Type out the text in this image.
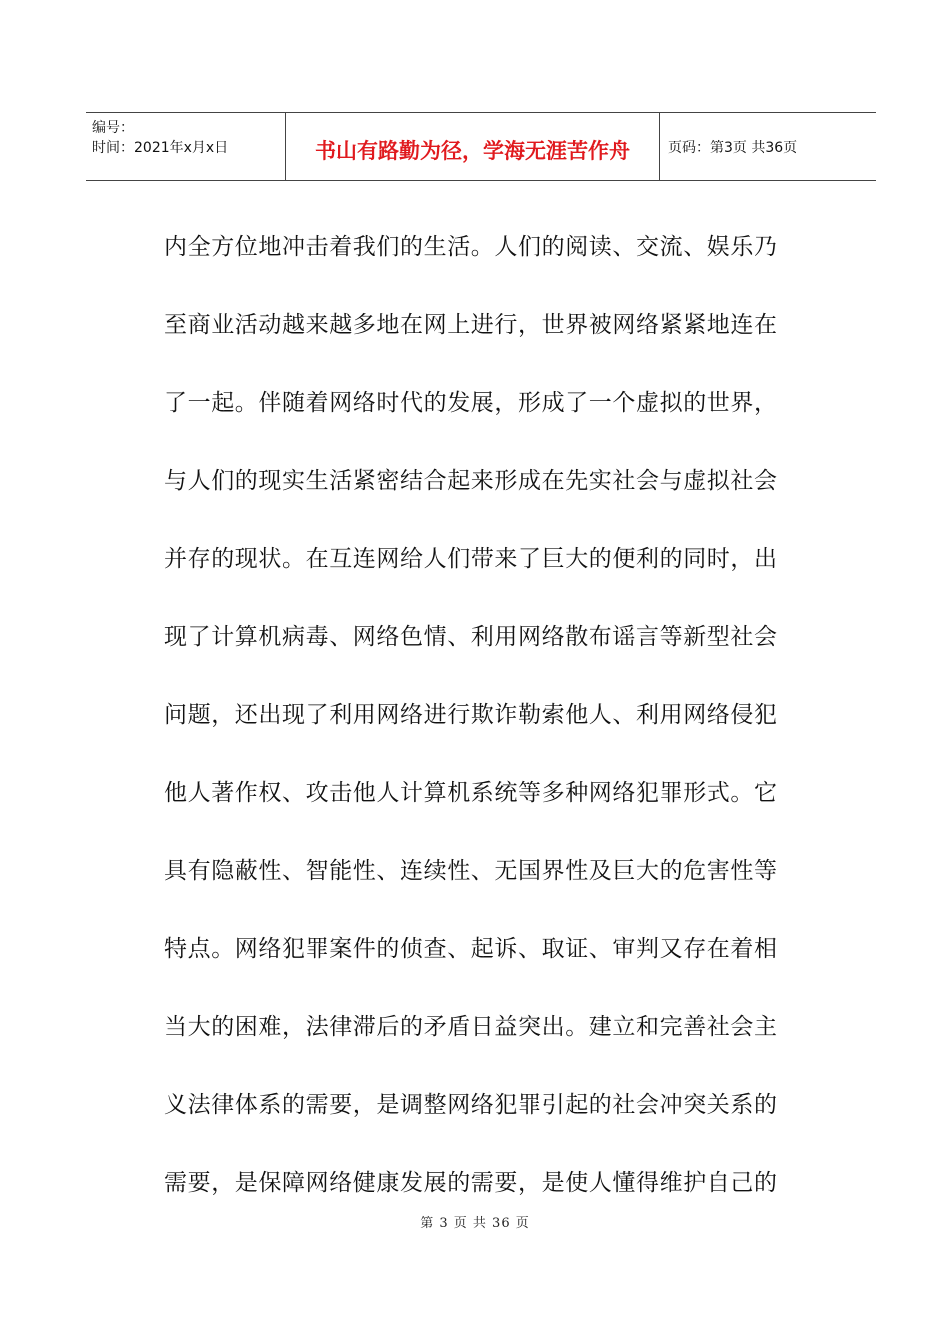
编号：
时间：2021年x月x日	书山有路勤为径，学海无涯苦作舟	页码：第3页 共36页
内全方位地冲击着我们的生活。人们的阅读、交流、娱乐乃
至商业活动越来越多地在网上进行，世界被网络紧紧地连在
了一起。伴随着网络时代的发展，形成了一个虚拟的世界，
与人们的现实生活紧密结合起来形成在先实社会与虚拟社会
并存的现状。在互连网给人们带来了巨大的便利的同时，出
现了计算机病毒、网络色情、利用网络散布谣言等新型社会
问题，还出现了利用网络进行欺诈勒索他人、利用网络侵犯
他人著作权、攻击他人计算机系统等多种网络犯罪形式。它
具有隐蔽性、智能性、连续性、无国界性及巨大的危害性等
特点。网络犯罪案件的侦查、起诉、取证、审判又存在着相
当大的困难，法律滞后的矛盾日益突出。建立和完善社会主
义法律体系的需要，是调整网络犯罪引起的社会冲突关系的
需要，是保障网络健康发展的需要，是使人懂得维护自己的
第 3 页 共 36 页
